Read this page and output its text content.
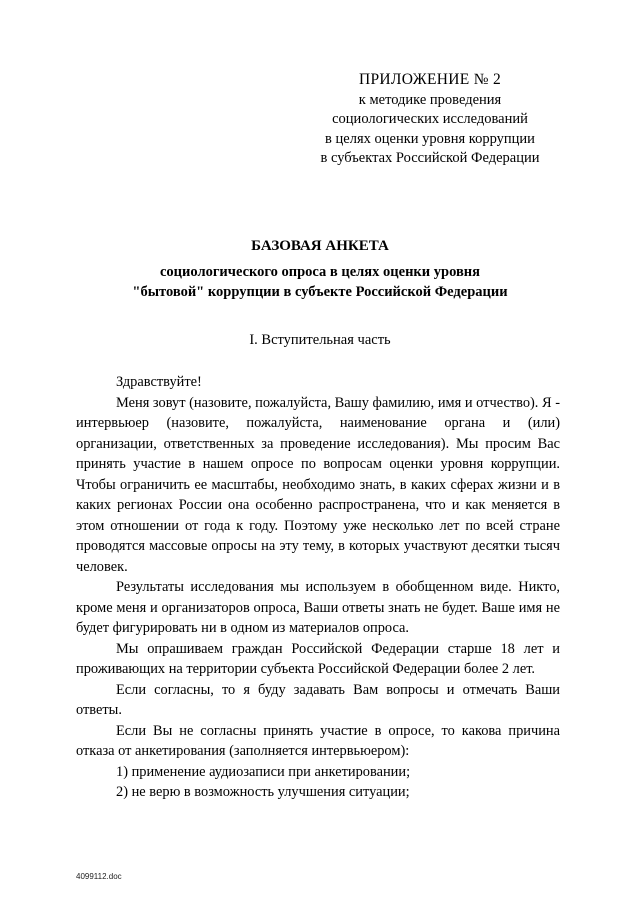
ПРИЛОЖЕНИЕ № 2
к методике проведения
социологических исследований
в целях оценки уровня коррупции
в субъектах Российской Федерации
БАЗОВАЯ АНКЕТА
социологического опроса в целях оценки уровня
"бытовой" коррупции в субъекте Российской Федерации
I. Вступительная часть

Здравствуйте!

Меня зовут (назовите, пожалуйста, Вашу фамилию, имя и отчество). Я - интервьюер (назовите, пожалуйста, наименование органа и (или) организации, ответственных за проведение исследования). Мы просим Вас принять участие в нашем опросе по вопросам оценки уровня коррупции. Чтобы ограничить ее масштабы, необходимо знать, в каких сферах жизни и в каких регионах России она особенно распространена, что и как меняется в этом отношении от года к году. Поэтому уже несколько лет по всей стране проводятся массовые опросы на эту тему, в которых участвуют десятки тысяч человек.

Результаты исследования мы используем в обобщенном виде. Никто, кроме меня и организаторов опроса, Ваши ответы знать не будет. Ваше имя не будет фигурировать ни в одном из материалов опроса.

Мы опрашиваем граждан Российской Федерации старше 18 лет и проживающих на территории субъекта Российской Федерации более 2 лет.

Если согласны, то я буду задавать Вам вопросы и отмечать Ваши ответы.

Если Вы не согласны принять участие в опросе, то какова причина отказа от анкетирования (заполняется интервьюером):

1) применение аудиозаписи при анкетировании;

2) не верю в возможность улучшения ситуации;

4099112.doc
